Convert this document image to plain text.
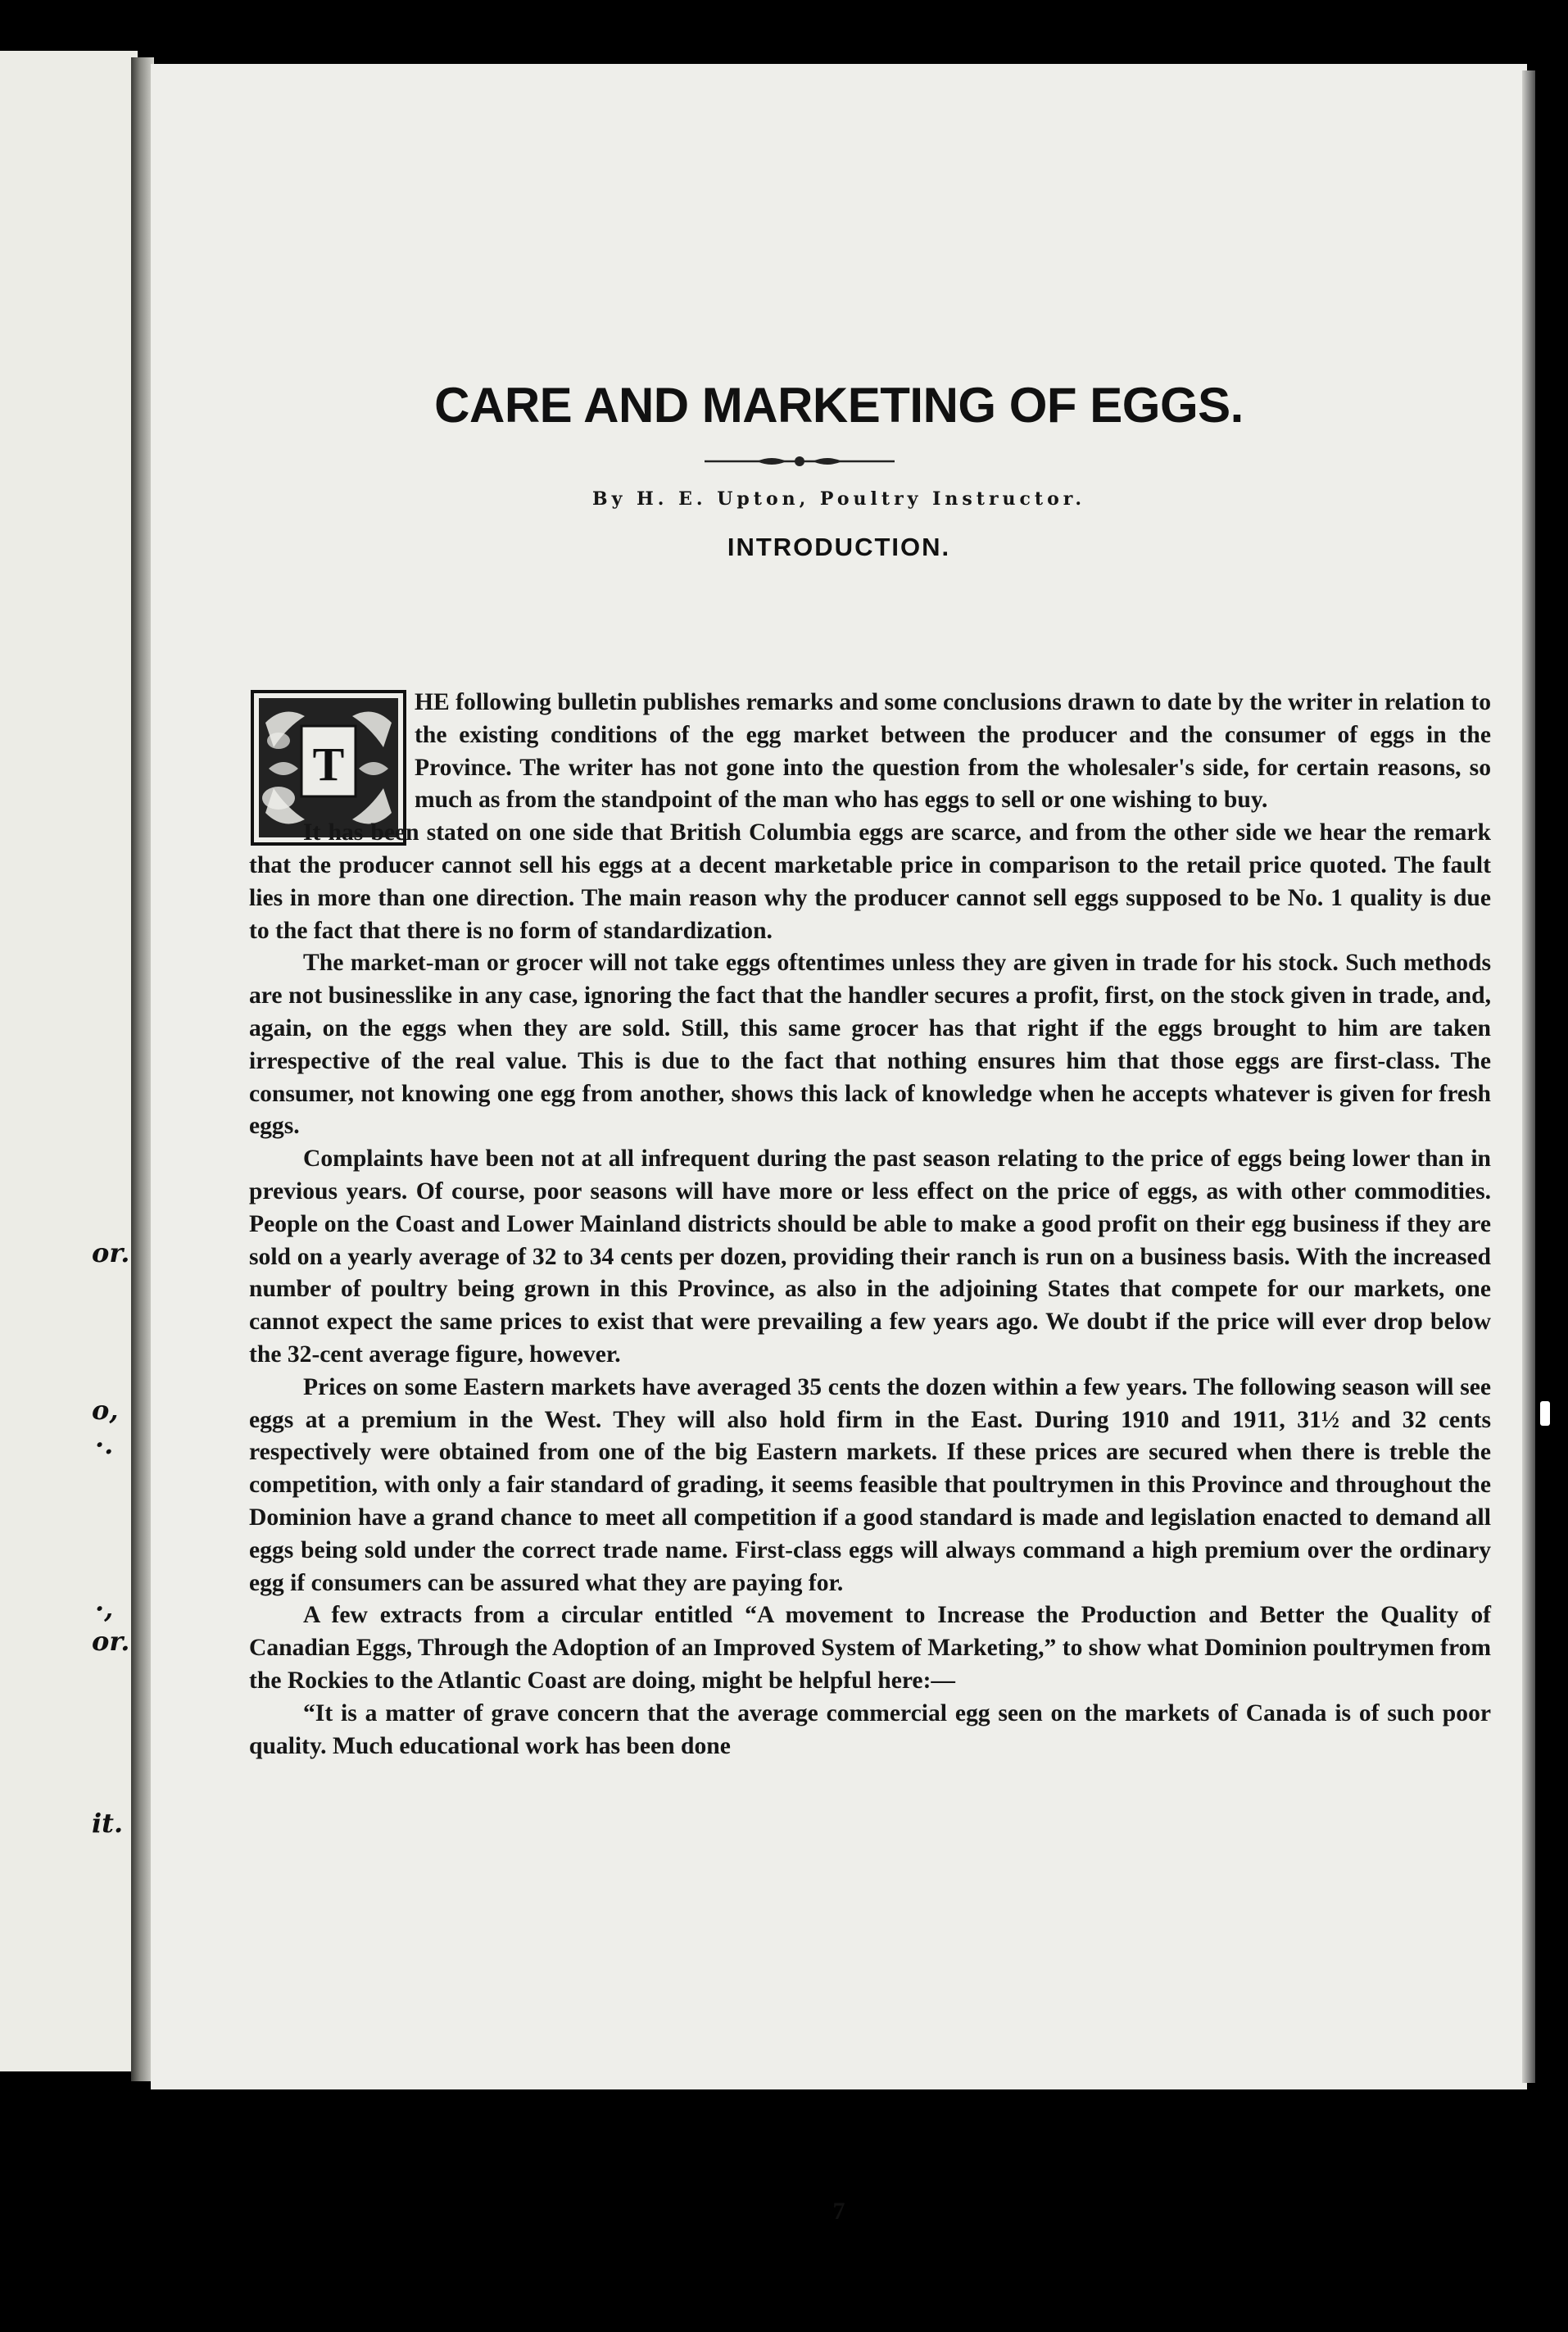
or.
o,
·.
·,
or.
it.
CARE AND MARKETING OF EGGS.
By H. E. Upton, Poultry Instructor.
INTRODUCTION.
T

HE following bulletin publishes remarks and some conclusions drawn to date by the writer in relation to the existing conditions of the egg market between the producer and the consumer of eggs in the Province. The writer has not gone into the question from the wholesaler's side, for certain reasons, so much as from the standpoint of the man who has eggs to sell or one wishing to buy.

It has been stated on one side that British Columbia eggs are scarce, and from the other side we hear the remark that the producer cannot sell his eggs at a decent marketable price in comparison to the retail price quoted. The fault lies in more than one direction. The main reason why the producer cannot sell eggs supposed to be No. 1 quality is due to the fact that there is no form of standardization.

The market-man or grocer will not take eggs oftentimes unless they are given in trade for his stock. Such methods are not businesslike in any case, ignoring the fact that the handler secures a profit, first, on the stock given in trade, and, again, on the eggs when they are sold. Still, this same grocer has that right if the eggs brought to him are taken irrespective of the real value. This is due to the fact that nothing ensures him that those eggs are first-class. The consumer, not knowing one egg from another, shows this lack of knowledge when he accepts whatever is given for fresh eggs.

Complaints have been not at all infrequent during the past season relating to the price of eggs being lower than in previous years. Of course, poor seasons will have more or less effect on the price of eggs, as with other commodities. People on the Coast and Lower Mainland districts should be able to make a good profit on their egg business if they are sold on a yearly average of 32 to 34 cents per dozen, providing their ranch is run on a business basis. With the increased number of poultry being grown in this Province, as also in the adjoining States that compete for our markets, one cannot expect the same prices to exist that were prevailing a few years ago. We doubt if the price will ever drop below the 32-cent average figure, however.

Prices on some Eastern markets have averaged 35 cents the dozen within a few years. The following season will see eggs at a premium in the West. They will also hold firm in the East. During 1910 and 1911, 31½ and 32 cents respectively were obtained from one of the big Eastern markets. If these prices are secured when there is treble the competition, with only a fair standard of grading, it seems feasible that poultrymen in this Province and throughout the Dominion have a grand chance to meet all competition if a good standard is made and legislation enacted to demand all eggs being sold under the correct trade name. First-class eggs will always command a high premium over the ordinary egg if consumers can be assured what they are paying for.

A few extracts from a circular entitled “A movement to Increase the Production and Better the Quality of Canadian Eggs, Through the Adoption of an Improved System of Marketing,” to show what Dominion poultrymen from the Rockies to the Atlantic Coast are doing, might be helpful here:—

“It is a matter of grave concern that the average commercial egg seen on the markets of Canada is of such poor quality. Much educational work has been done

7
